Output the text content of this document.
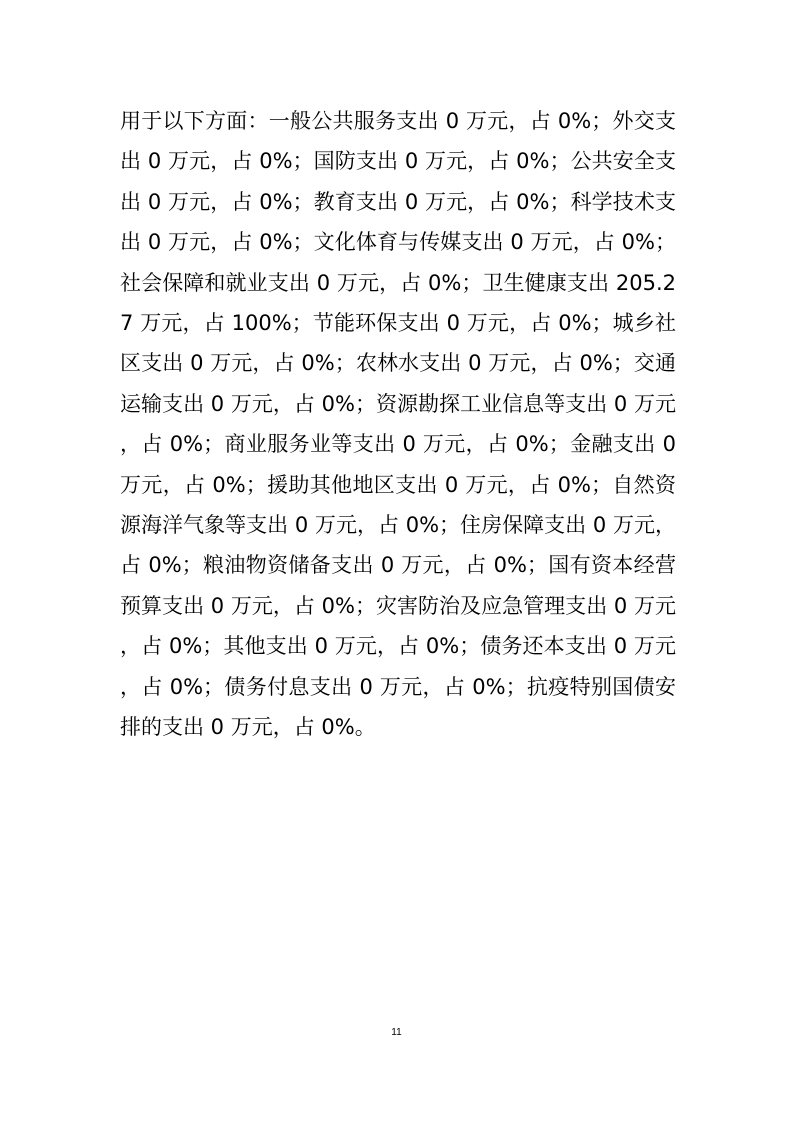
用于以下方面：一般公共服务支出 0 万元，占 0%；外交支出 0 万元，占 0%；国防支出 0 万元，占 0%；公共安全支出 0 万元，占 0%；教育支出 0 万元，占 0%；科学技术支出 0 万元，占 0%；文化体育与传媒支出 0 万元，占 0%；社会保障和就业支出 0 万元，占 0%；卫生健康支出 205.27 万元，占 100%；节能环保支出 0 万元，占 0%；城乡社区支出 0 万元，占 0%；农林水支出 0 万元，占 0%；交通运输支出 0 万元，占 0%；资源勘探工业信息等支出 0 万元，占 0%；商业服务业等支出 0 万元，占 0%；金融支出 0 万元，占 0%；援助其他地区支出 0 万元，占 0%；自然资源海洋气象等支出 0 万元，占 0%；住房保障支出 0 万元，占 0%；粮油物资储备支出 0 万元，占 0%；国有资本经营预算支出 0 万元，占 0%；灾害防治及应急管理支出 0 万元，占 0%；其他支出 0 万元，占 0%；债务还本支出 0 万元，占 0%；债务付息支出 0 万元，占 0%；抗疫特别国债安排的支出 0 万元，占 0%。

11
